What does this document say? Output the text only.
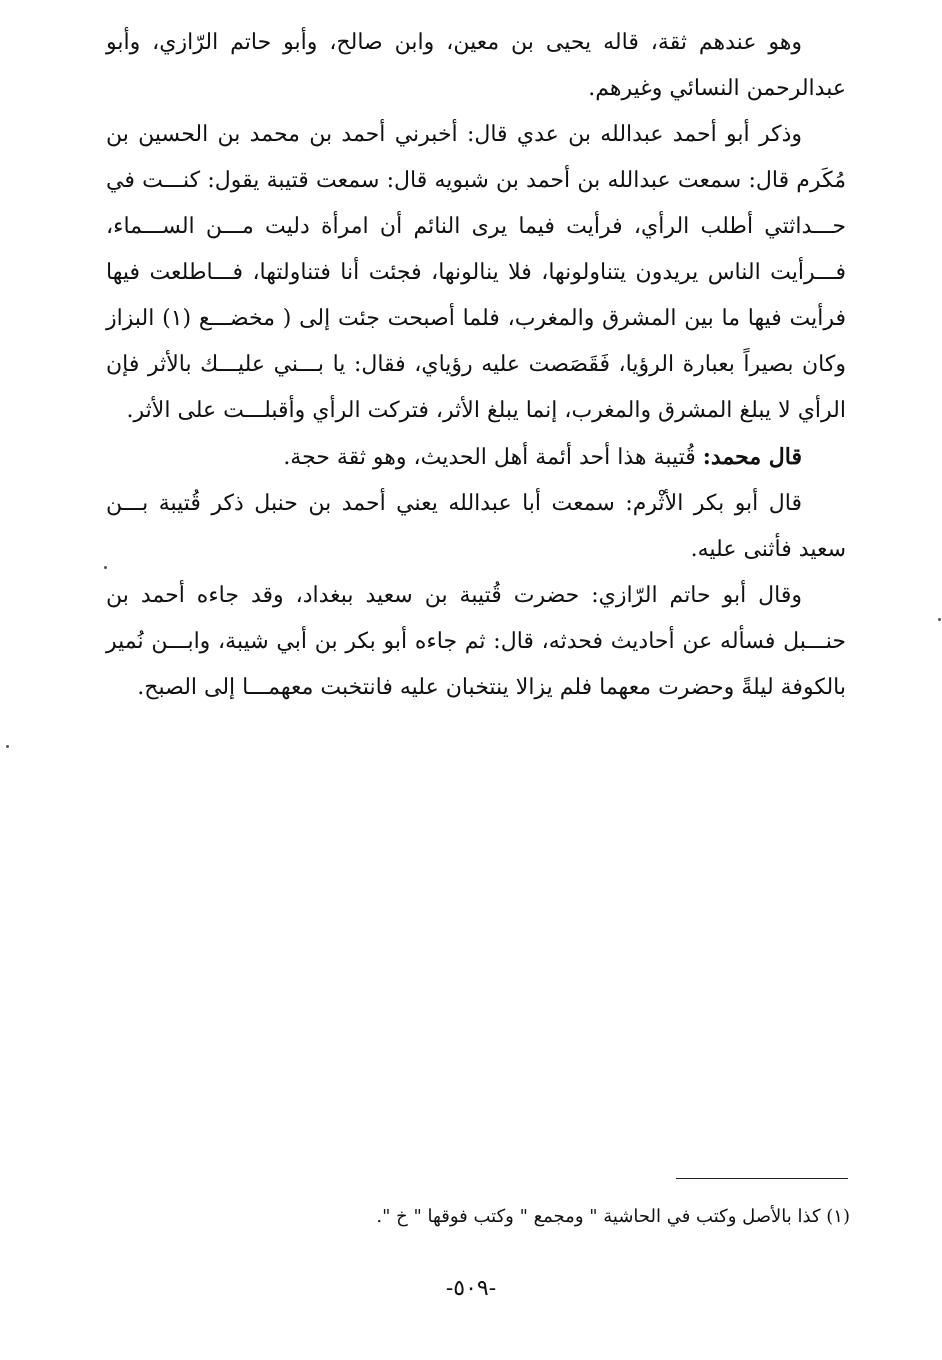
وهو عندهم ثقة، قاله يحيى بن معين، وابن صالح، وأبو حاتم الرّازي، وأبو عبدالرحمن النسائي وغيرهم.

وذكر أبو أحمد عبدالله بن عدي قال: أخبرني أحمد بن محمد بن الحسين بن مُكَرم قال: سمعت عبدالله بن أحمد بن شبويه قال: سمعت قتيبة يقول: كنـــت في حـــداثتي أطلب الرأي، فرأيت فيما يرى النائم أن امرأة دليت مـــن الســـماء، فـــرأيت الناس يريدون يتناولونها، فلا ينالونها، فجئت أنا فتناولتها، فـــاطلعت فيها فرأيت فيها ما بين المشرق والمغرب، فلما أصبحت جئت إلى ( مخضـــع (١) البزاز وكان بصيراً بعبارة الرؤيا، فَقَصَصت عليه رؤياي، فقال: يا بـــني عليـــك بالأثر فإن الرأي لا يبلغ المشرق والمغرب، إنما يبلغ الأثر، فتركت الرأي وأقبلـــت على الأثر.

قال محمد: قُتيبة هذا أحد أئمة أهل الحديث، وهو ثقة حجة.

قال أبو بكر الأثْرم: سمعت أبا عبدالله يعني أحمد بن حنبل ذكر قُتيبة بـــن سعيد فأثنى عليه.

وقال أبو حاتم الرّازي: حضرت قُتيبة بن سعيد ببغداد، وقد جاءه أحمد بن حنـــبل فسأله عن أحاديث فحدثه، قال: ثم جاءه أبو بكر بن أبي شيبة، وابـــن نُمير بالكوفة ليلةً وحضرت معهما فلم يزالا ينتخبان عليه فانتخبت معهمـــا إلى الصبح.

(١) كذا بالأصل وكتب في الحاشية " ومجمع " وكتب فوقها " خ ".
-٥٠٩-
